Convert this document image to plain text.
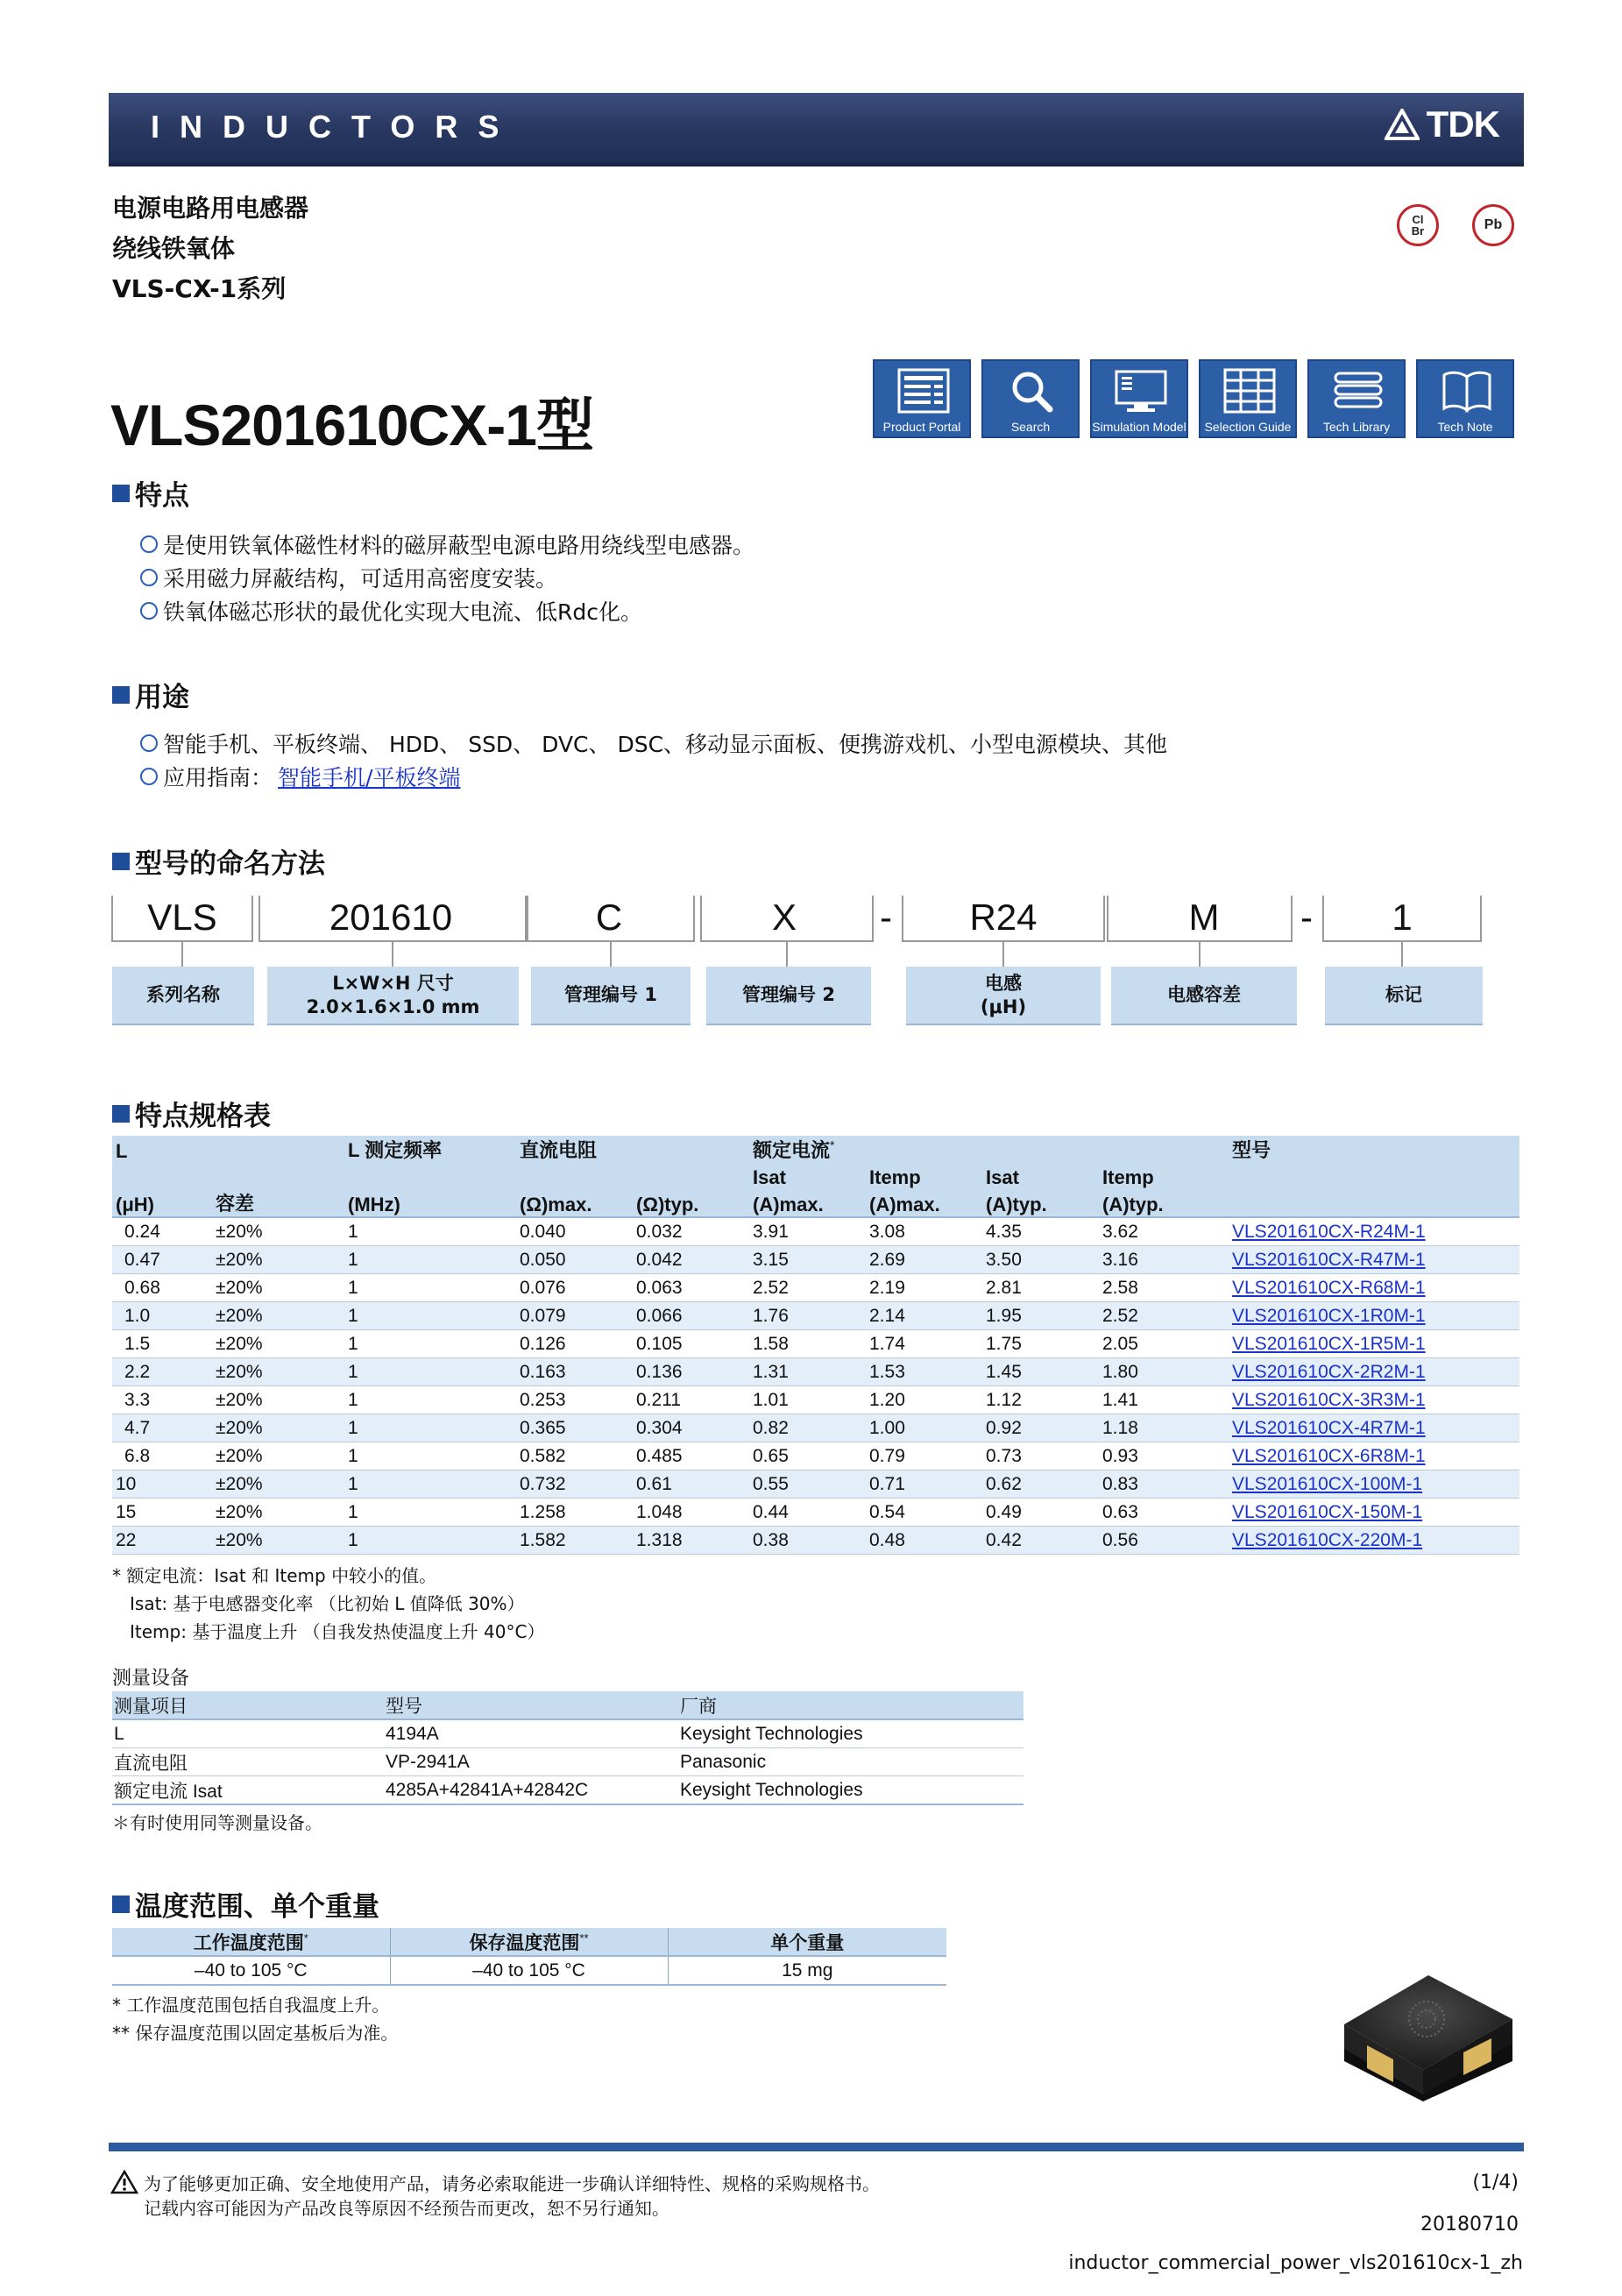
INDUCTORS	TDK
电源电路用电感器
绕线铁氧体
VLS-CX-1系列
Cl Br	Pb
VLS201610CX-1型	Product Portal	Search	Simulation Model	Selection Guide	Tech Library	Tech Note
特点
是使用铁氧体磁性材料的磁屏蔽型电源电路用绕线型电感器。
采用磁力屏蔽结构，可适用高密度安装。
铁氧体磁芯形状的最优化实现大电流、低Rdc化。
用途
智能手机、平板终端、 HDD、 SSD、 DVC、 DSC、移动显示面板、便携游戏机、小型电源模块、其他
应用指南： 智能手机/平板终端
型号的命名方法
VLS	201610	C	X	-	R24	M	-	1
系列名称
L×W×H 尺寸
2.0×1.6×1.0 mm
管理编号 1	管理编号 2
电感
(μH)
电感容差	标记
特点规格表
L		L 测定频率	直流电阻		额定电流*				型号
					Isat	Itemp	Isat	Itemp	
(μH)	容差	(MHz)	(Ω)max.	(Ω)typ.	(A)max.	(A)max.	(A)typ.	(A)typ.	
0.24	±20%	1	0.040	0.032	3.91	3.08	4.35	3.62	VLS201610CX-R24M-1
0.47	±20%	1	0.050	0.042	3.15	2.69	3.50	3.16	VLS201610CX-R47M-1
0.68	±20%	1	0.076	0.063	2.52	2.19	2.81	2.58	VLS201610CX-R68M-1
1.0	±20%	1	0.079	0.066	1.76	2.14	1.95	2.52	VLS201610CX-1R0M-1
1.5	±20%	1	0.126	0.105	1.58	1.74	1.75	2.05	VLS201610CX-1R5M-1
2.2	±20%	1	0.163	0.136	1.31	1.53	1.45	1.80	VLS201610CX-2R2M-1
3.3	±20%	1	0.253	0.211	1.01	1.20	1.12	1.41	VLS201610CX-3R3M-1
4.7	±20%	1	0.365	0.304	0.82	1.00	0.92	1.18	VLS201610CX-4R7M-1
6.8	±20%	1	0.582	0.485	0.65	0.79	0.73	0.93	VLS201610CX-6R8M-1
10	±20%	1	0.732	0.61	0.55	0.71	0.62	0.83	VLS201610CX-100M-1
15	±20%	1	1.258	1.048	0.44	0.54	0.49	0.63	VLS201610CX-150M-1
22	±20%	1	1.582	1.318	0.38	0.48	0.42	0.56	VLS201610CX-220M-1
* 额定电流：Isat 和 Itemp 中较小的值。
Isat: 基于电感器变化率 （比初始 L 值降低 30%）
Itemp: 基于温度上升 （自我发热使温度上升 40°C）
测量设备
测量项目	型号	厂商
L	4194A	Keysight Technologies
直流电阻	VP-2941A	Panasonic
额定电流 Isat	4285A+42841A+42842C	Keysight Technologies
＊有时使用同等测量设备。
温度范围、单个重量
工作温度范围*	保存温度范围**	单个重量
–40 to 105 °C	–40 to 105 °C	15 mg
* 工作温度范围包括自我温度上升。
** 保存温度范围以固定基板后为准。
为了能够更加正确、安全地使用产品，请务必索取能进一步确认详细特性、规格的采购规格书。
记载内容可能因为产品改良等原因不经预告而更改，恕不另行通知。
(1/4)
20180710
inductor_commercial_power_vls201610cx-1_zh
